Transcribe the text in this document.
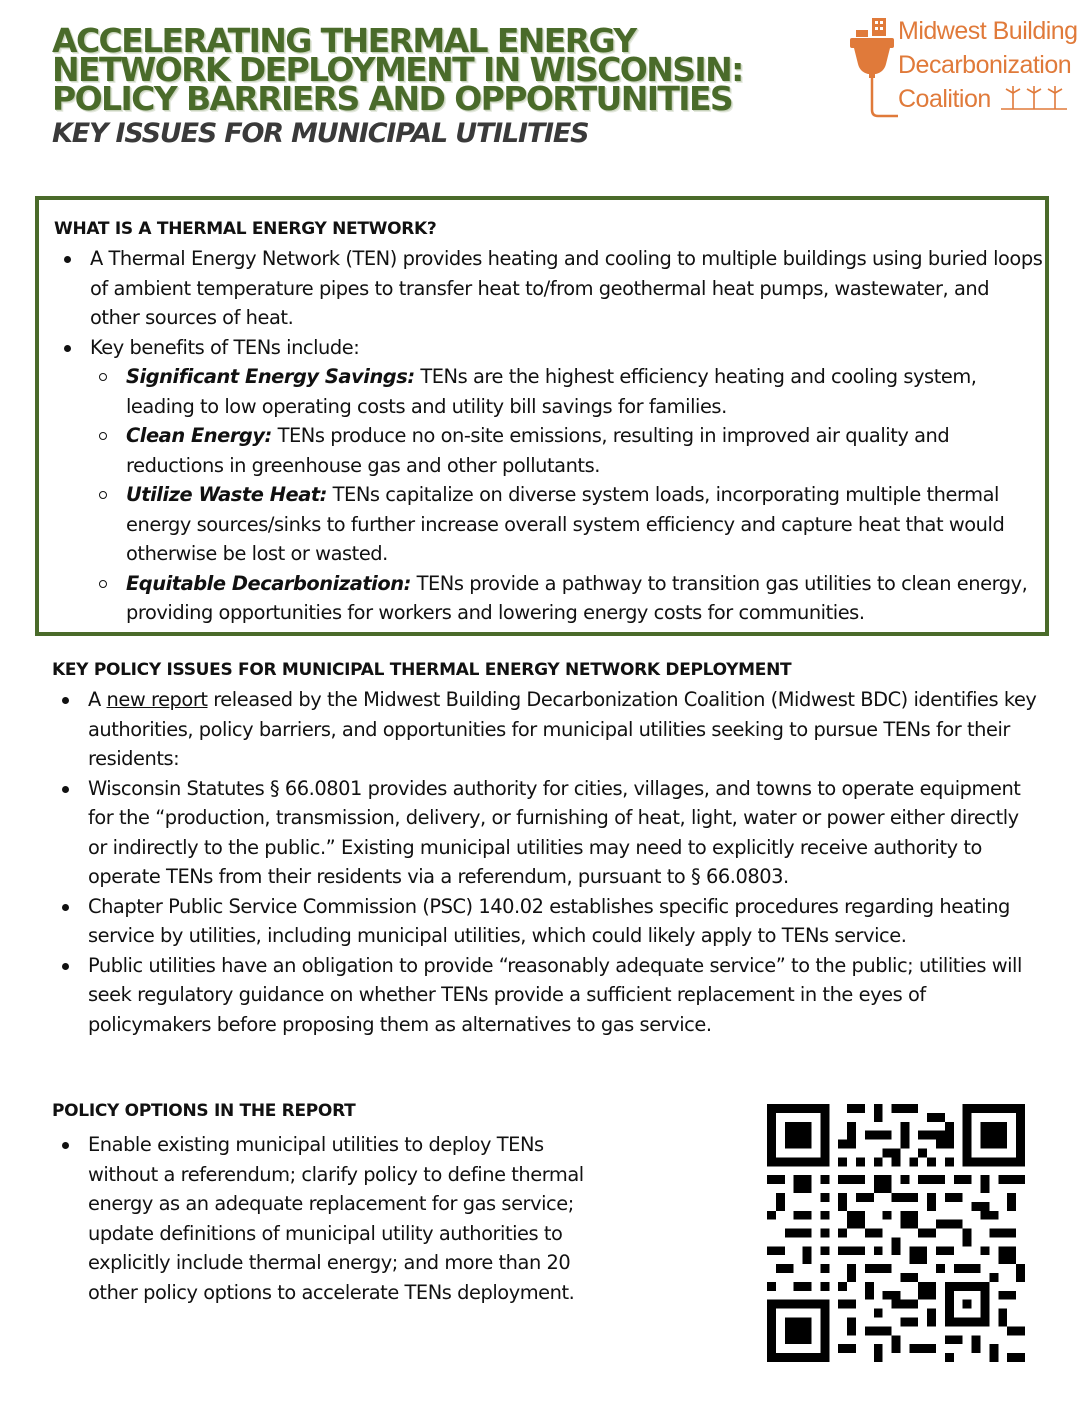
ACCELERATING THERMAL ENERGY
NETWORK DEPLOYMENT IN WISCONSIN:
POLICY BARRIERS AND OPPORTUNITIES
KEY ISSUES FOR MUNICIPAL UTILITIES
Midwest Building
Decarbonization
Coalition
WHAT IS A THERMAL ENERGY NETWORK?
A Thermal Energy Network (TEN) provides heating and cooling to multiple buildings using buried loops of ambient temperature pipes to transfer heat to/from geothermal heat pumps, wastewater, and other sources of heat.
Key benefits of TENs include:
Significant Energy Savings: TENs are the highest efficiency heating and cooling system, leading to low operating costs and utility bill savings for families.
Clean Energy: TENs produce no on-site emissions, resulting in improved air quality and reductions in greenhouse gas and other pollutants.
Utilize Waste Heat: TENs capitalize on diverse system loads, incorporating multiple thermal energy sources/sinks to further increase overall system efficiency and capture heat that would otherwise be lost or wasted.
Equitable Decarbonization: TENs provide a pathway to transition gas utilities to clean energy, providing opportunities for workers and lowering energy costs for communities.
KEY POLICY ISSUES FOR MUNICIPAL THERMAL ENERGY NETWORK DEPLOYMENT
A new report released by the Midwest Building Decarbonization Coalition (Midwest BDC) identifies key authorities, policy barriers, and opportunities for municipal utilities seeking to pursue TENs for their residents:
Wisconsin Statutes § 66.0801 provides authority for cities, villages, and towns to operate equipment for the “production, transmission, delivery, or furnishing of heat, light, water or power either directly or indirectly to the public.” Existing municipal utilities may need to explicitly receive authority to operate TENs from their residents via a referendum, pursuant to § 66.0803.
Chapter Public Service Commission (PSC) 140.02 establishes specific procedures regarding heating service by utilities, including municipal utilities, which could likely apply to TENs service.
Public utilities have an obligation to provide “reasonably adequate service” to the public; utilities will seek regulatory guidance on whether TENs provide a sufficient replacement in the eyes of policymakers before proposing them as alternatives to gas service.
POLICY OPTIONS IN THE REPORT
Enable existing municipal utilities to deploy TENs without a referendum; clarify policy to define thermal energy as an adequate replacement for gas service; update definitions of municipal utility authorities to explicitly include thermal energy; and more than 20 other policy options to accelerate TENs deployment.
